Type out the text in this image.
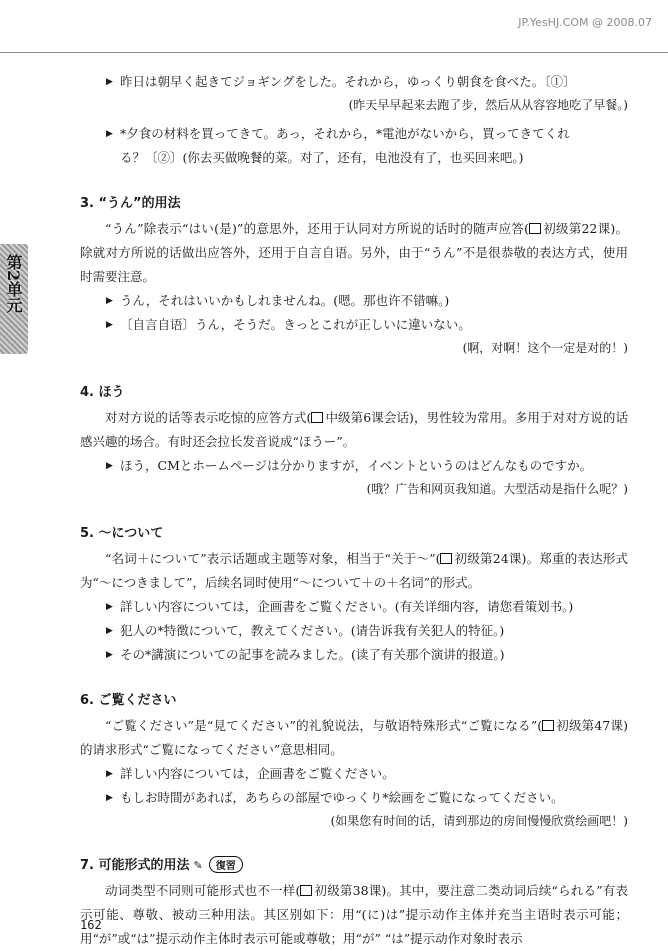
JP.YesHJ.COM @ 2008.07
第2单元
▶ 昨日は朝早く起きてジョギングをした。それから，ゆっくり朝食を食べた。〔①〕
(昨天早早起来去跑了步，然后从从容容地吃了早餐。)
▶ *夕食の材料を買ってきて。あっ，それから，*電池がないから，買ってきてくれ
る？〔②〕(你去买做晚餐的菜。对了，还有，电池没有了，也买回来吧。)
3. “うん”的用法
“うん”除表示“はい(是)”的意思外，还用于认同对方所说的话时的随声应答( 初级第22课)。除就对方所说的话做出应答外，还用于自言自语。另外，由于“うん”不是很恭敬的表达方式，使用时需要注意。
▶ うん，それはいいかもしれませんね。(嗯。那也许不错嘛。)
▶ 〔自言自语〕うん，そうだ。きっとこれが正しいに違いない。
(啊，对啊！这个一定是对的！)
4. ほう
对对方说的话等表示吃惊的应答方式( 中级第6课会话)，男性较为常用。多用于对对方说的话感兴趣的场合。有时还会拉长发音说成“ほうー”。
▶ ほう，CMとホームページは分かりますが，イベントというのはどんなものですか。
(哦？广告和网页我知道。大型活动是指什么呢？)
5. ～について
“名词＋について”表示话题或主题等对象，相当于“关于～”( 初级第24课)。郑重的表达形式为“～につきまして”，后续名词时使用“～について＋の＋名词”的形式。
▶ 詳しい内容については，企画書をご覧ください。(有关详细内容，请您看策划书。)
▶ 犯人の*特徴について，教えてください。(请告诉我有关犯人的特征。)
▶ その*講演についての記事を読みました。(读了有关那个演讲的报道。)
6. ご覧ください
“ご覧ください”是“見てください”的礼貌说法，与敬语特殊形式“ご覧になる”( 初级第47课)的请求形式“ご覧になってください”意思相同。
▶ 詳しい内容については，企画書をご覧ください。
▶ もしお時間があれば，あちらの部屋でゆっくり*絵画をご覧になってください。
(如果您有时间的话，请到那边的房间慢慢欣赏绘画吧！)
7. 可能形式的用法 ✎ 復習
动词类型不同则可能形式也不一样( 初级第38课)。其中，要注意二类动词后续“られる”有表示可能、尊敬、被动三种用法。其区别如下：用“(に)は”提示动作主体并充当主语时表示可能；用“が”或“は”提示动作主体时表示可能或尊敬；用“が” “は”提示动作对象时表示
162
